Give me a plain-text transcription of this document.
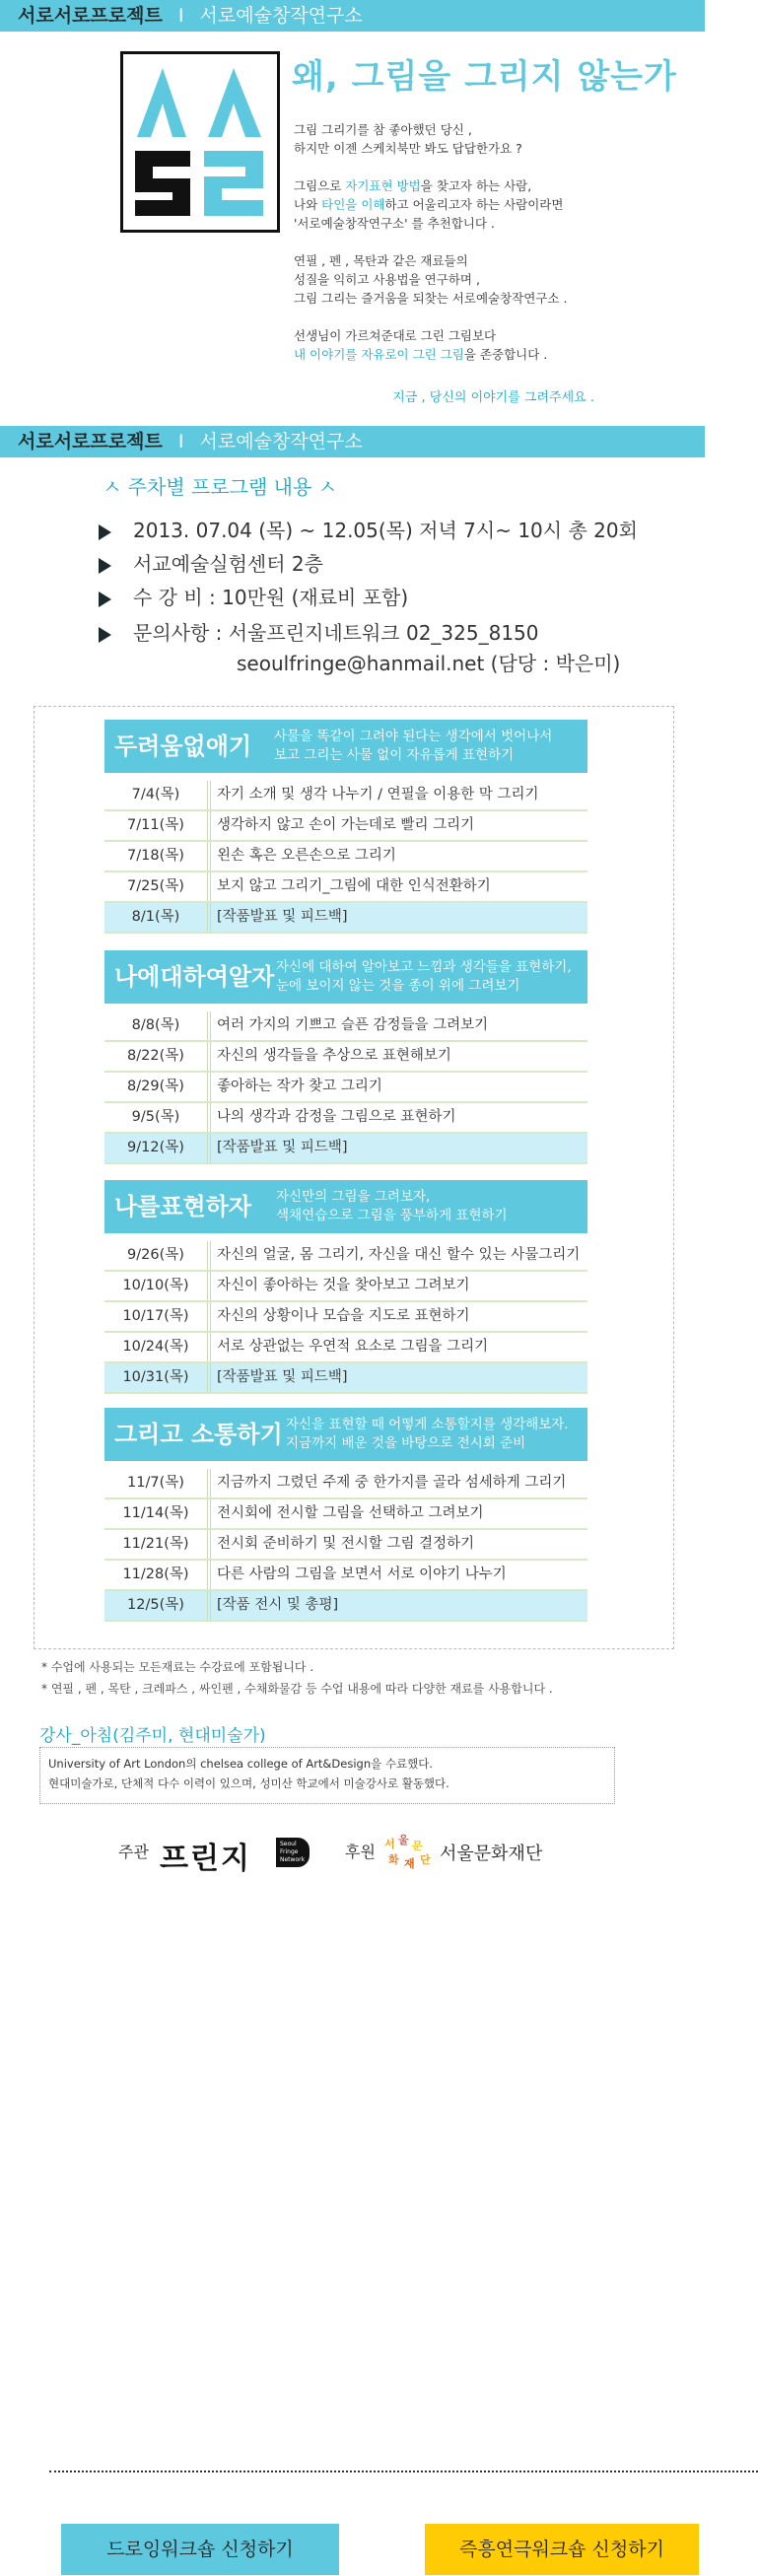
서로서로프로젝트 I 서로예술창작연구소
왜, 그림을 그리지 않는가

그림 그리기를 참 좋아했던 당신 ,

하지만 이젠 스케치북만 봐도 답답한가요 ?

그림으로 자기표현 방법을 찾고자 하는 사람,

나와 타인을 이해하고 어울리고자 하는 사람이라면

'서로예술창작연구소' 를 추천합니다 .

연필 , 펜 , 목탄과 같은 재료들의

성질을 익히고 사용법을 연구하며 ,

그림 그리는 즐거움을 되찾는 서로예술창작연구소 .

선생님이 가르쳐준대로 그린 그림보다

내 이야기를 자유로이 그린 그림을 존중합니다 .

지금 , 당신의 이야기를 그려주세요 .
서로서로프로젝트 I 서로예술창작연구소
ㅅ 주차별 프로그램 내용 ㅅ
2013. 07.04 (목) ~ 12.05(목) 저녁 7시~ 10시 총 20회
서교예술실험센터 2층
수 강 비 : 10만원 (재료비 포함)
문의사항 : 서울프린지네트워크 02_325_8150
seoulfringe@hanmail.net (담당 : 박은미)
두려움없애기 사물을 똑같이 그려야 된다는 생각에서 벗어나서
보고 그리는 사물 없이 자유롭게 표현하기
7/4(목)	자기 소개 및 생각 나누기 / 연필을 이용한 막 그리기
7/11(목)	생각하지 않고 손이 가는데로 빨리 그리기
7/18(목)	왼손 혹은 오른손으로 그리기
7/25(목)	보지 않고 그리기_그림에 대한 인식전환하기
8/1(목)	[작품발표 및 피드백]
나에대하여알자 자신에 대하여 알아보고 느낌과 생각들을 표현하기,
눈에 보이지 않는 것을 종이 위에 그려보기
8/8(목)	여러 가지의 기쁘고 슬픈 감정들을 그려보기
8/22(목)	자신의 생각들을 추상으로 표현해보기
8/29(목)	좋아하는 작가 찾고 그리기
9/5(목)	나의 생각과 감정을 그림으로 표현하기
9/12(목)	[작품발표 및 피드백]
나를표현하자 자신만의 그림을 그려보자,
색채연습으로 그림을 풍부하게 표현하기
9/26(목)	자신의 얼굴, 몸 그리기, 자신을 대신 할수 있는 사물그리기
10/10(목)	자신이 좋아하는 것을 찾아보고 그려보기
10/17(목)	자신의 상황이나 모습을 지도로 표현하기
10/24(목)	서로 상관없는 우연적 요소로 그림을 그리기
10/31(목)	[작품발표 및 피드백]
그리고 소통하기 자신을 표현할 때 어떻게 소통할지를 생각해보자.
지금까지 배운 것을 바탕으로 전시회 준비
11/7(목)	지금까지 그렸던 주제 중 한가지를 골라 섬세하게 그리기
11/14(목)	전시회에 전시할 그림을 선택하고 그려보기
11/21(목)	전시회 준비하기 및 전시할 그림 결정하기
11/28(목)	다른 사람의 그림을 보면서 서로 이야기 나누기
12/5(목)	[작품 전시 및 총평]

* 수업에 사용되는 모든재료는 수강료에 포함됩니다 .

* 연필 , 펜 , 목탄 , 크레파스 , 싸인펜 , 수채화물감 등 수업 내용에 따라 다양한 재료를 사용합니다 .

강사_아침(김주미, 현대미술가)

University of Art London의 chelsea college of Art&Design을 수료했다.

현대미술가로, 단체적 다수 이력이 있으며, 성미산 학교에서 미술강사로 활동했다.

주관 프린지	Seoul
Fringe
Network	후원 서 울 문
화 재 단 서울문화재단
드로잉워크숍 신청하기	즉흥연극워크숍 신청하기
